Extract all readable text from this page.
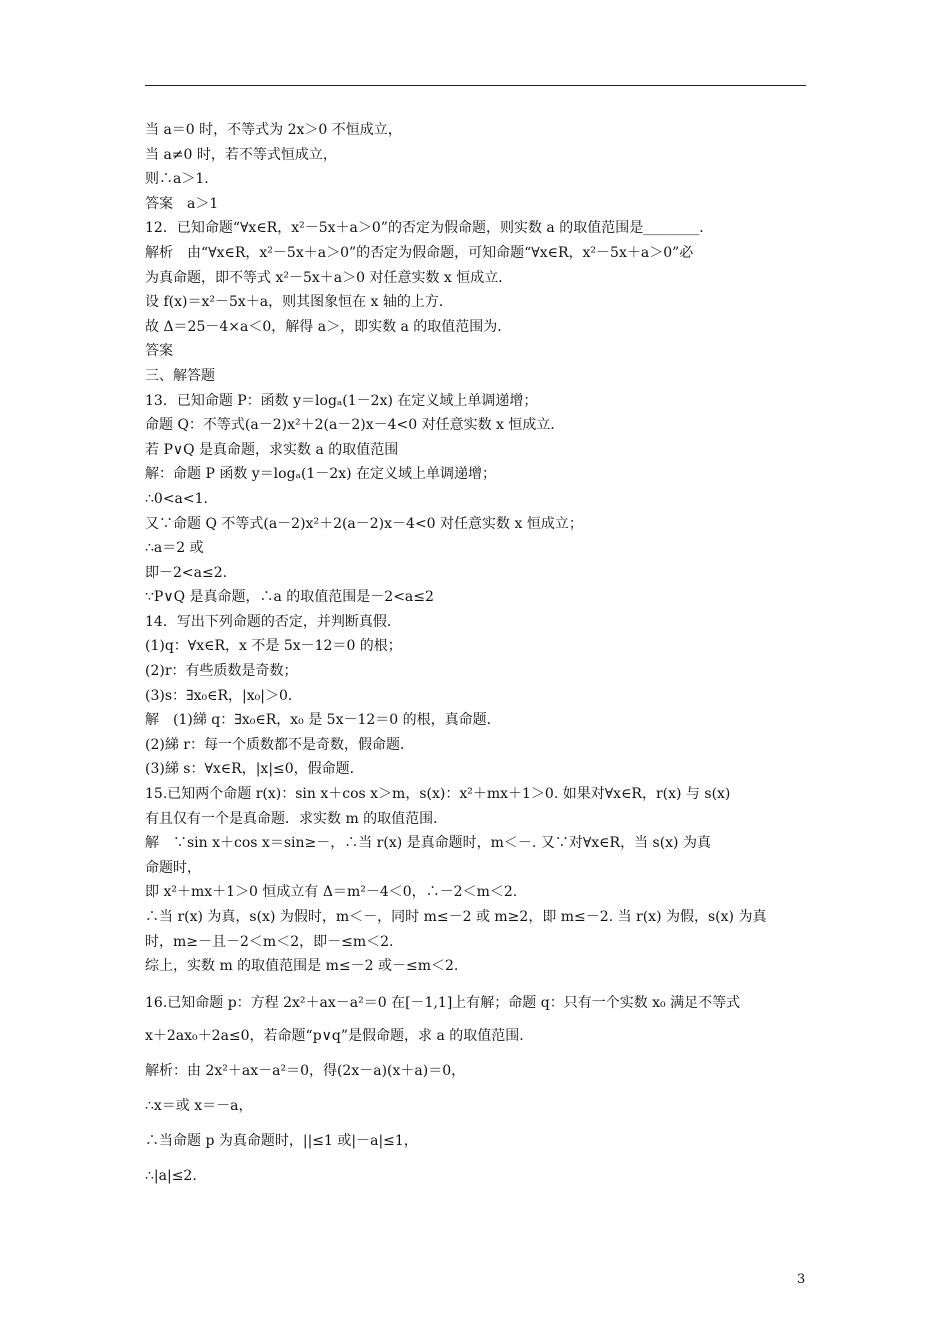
当 a＝0 时，不等式为 2x＞0 不恒成立，
当 a≠0 时，若不等式恒成立，
则∴a＞1.
答案　a＞1
12．已知命题“∀x∈R，x²－5x＋a＞0”的否定为假命题，则实数 a 的取值范围是________．
解析　由“∀x∈R，x²－5x＋a＞0”的否定为假命题，可知命题“∀x∈R，x²－5x＋a＞0”必
为真命题，即不等式 x²－5x＋a＞0 对任意实数 x 恒成立．
设 f(x)＝x²－5x＋a，则其图象恒在 x 轴的上方．
故 Δ＝25－4×a＜0，解得 a＞，即实数 a 的取值范围为.
答案
三、解答题
13．已知命题 P：函数 y＝logₐ(1－2x) 在定义域上单调递增；
命题 Q：不等式(a－2)x²＋2(a－2)x－4<0 对任意实数 x 恒成立．
若 P∨Q 是真命题，求实数 a 的取值范围
解：命题 P 函数 y＝logₐ(1－2x) 在定义域上单调递增；
∴0<a<1.
又∵命题 Q 不等式(a－2)x²＋2(a－2)x－4<0 对任意实数 x 恒成立；
∴a＝2 或
即－2<a≤2.
∵P∨Q 是真命题，∴a 的取值范围是－2<a≤2
14．写出下列命题的否定，并判断真假．
(1)q：∀x∈R，x 不是 5x－12＝0 的根；
(2)r：有些质数是奇数；
(3)s：∃x₀∈R，|x₀|＞0.
解　(1)綈 q：∃x₀∈R，x₀ 是 5x－12＝0 的根，真命题．
(2)綈 r：每一个质数都不是奇数，假命题．
(3)綈 s：∀x∈R，|x|≤0，假命题．
15.已知两个命题 r(x)：sin x＋cos x＞m，s(x)：x²＋mx＋1＞0. 如果对∀x∈R，r(x) 与 s(x)
有且仅有一个是真命题．求实数 m 的取值范围．
解　∵sin x＋cos x＝sin≥－，∴当 r(x) 是真命题时，m＜－. 又∵对∀x∈R，当 s(x) 为真
命题时，
即 x²＋mx＋1＞0 恒成立有 Δ＝m²－4＜0，∴－2＜m＜2.
∴当 r(x) 为真，s(x) 为假时，m＜－，同时 m≤－2 或 m≥2，即 m≤－2. 当 r(x) 为假，s(x) 为真
时，m≥－且－2＜m＜2，即－≤m＜2.
综上，实数 m 的取值范围是 m≤－2 或－≤m＜2.
16.已知命题 p：方程 2x²＋ax－a²＝0 在[－1,1]上有解；命题 q：只有一个实数 x₀ 满足不等式
x＋2ax₀＋2a≤0，若命题“p∨q”是假命题，求 a 的取值范围.
解析：由 2x²＋ax－a²＝0，得(2x－a)(x＋a)＝0，
∴x＝或 x＝－a，
∴当命题 p 为真命题时，||≤1 或|－a|≤1，
∴|a|≤2.
3
